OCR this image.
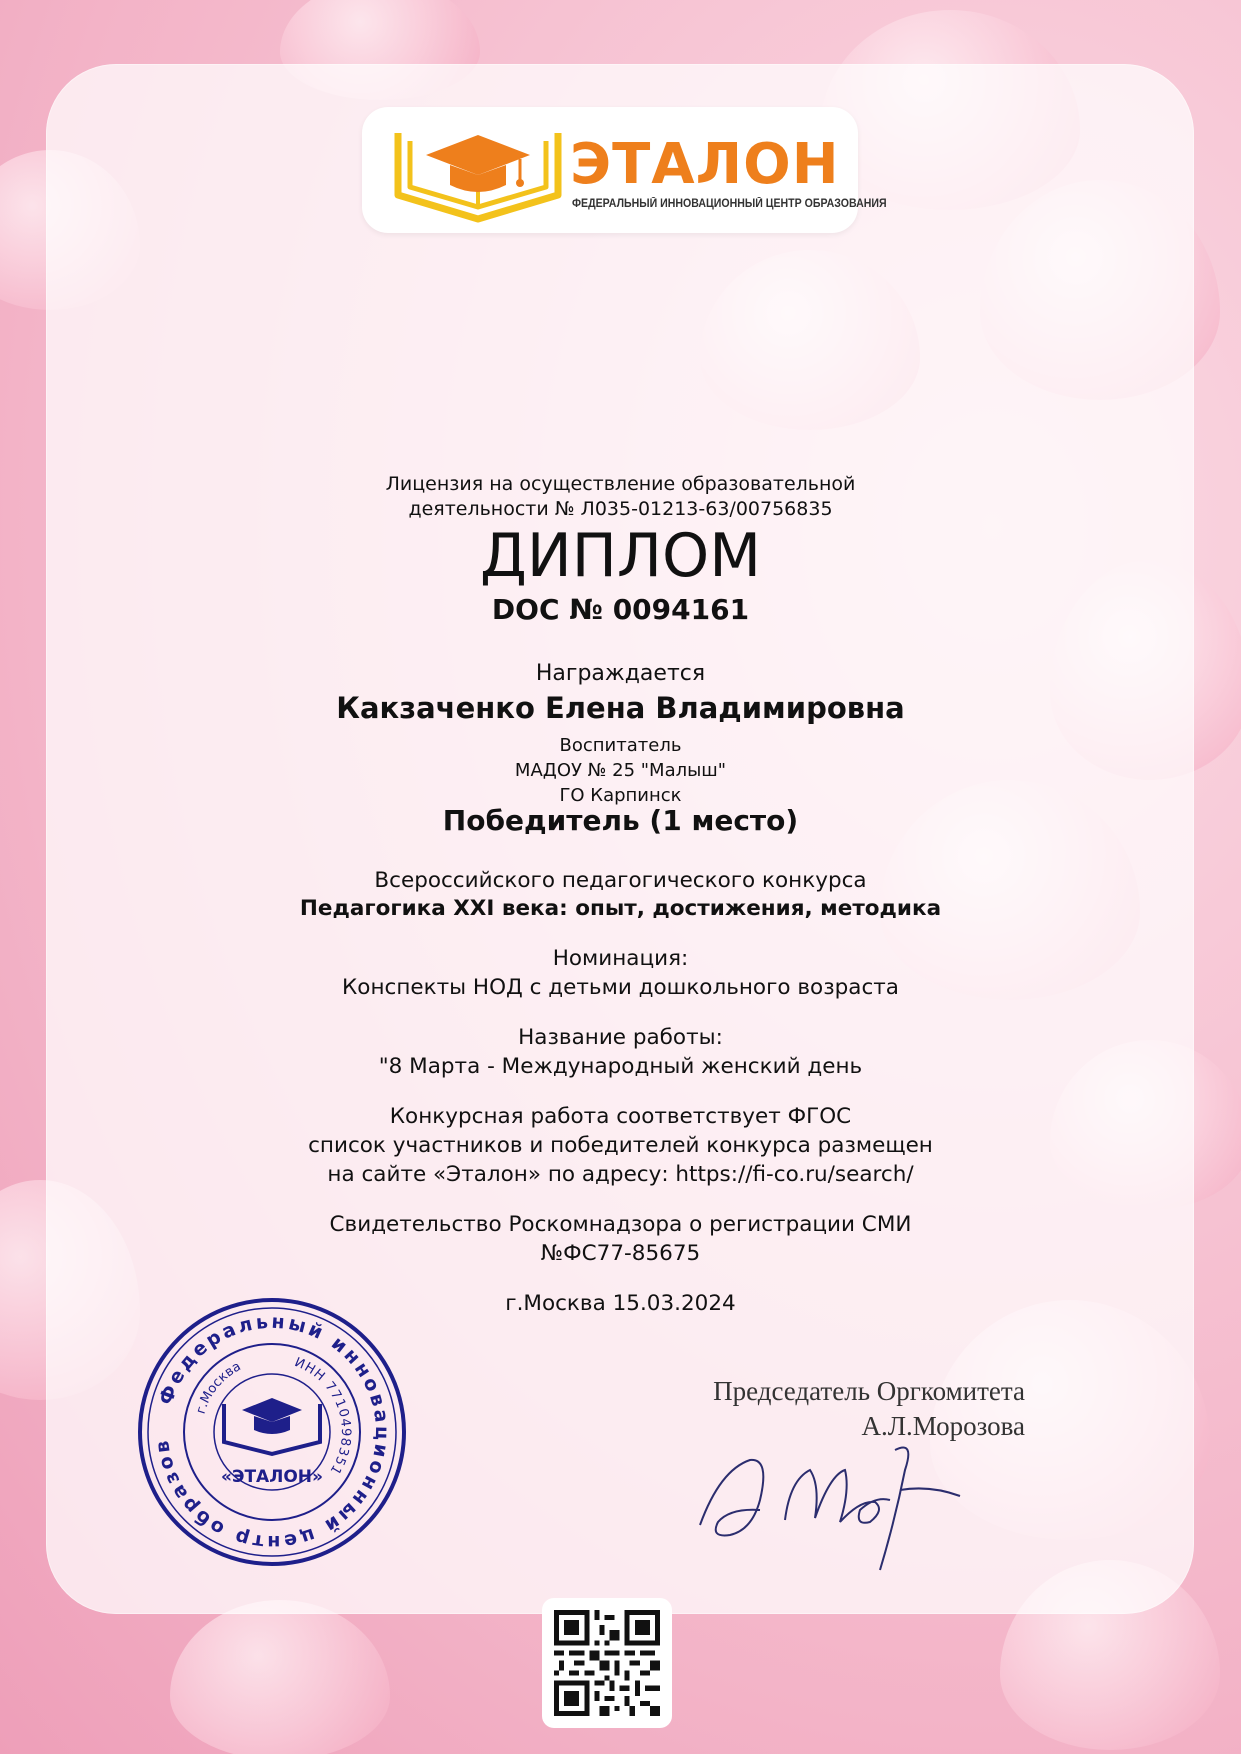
ЭТАЛОН
ФЕДЕРАЛЬНЫЙ ИННОВАЦИОННЫЙ ЦЕНТР ОБРАЗОВАНИЯ
Лицензия на осуществление образовательной
деятельности № Л035-01213-63/00756835
ДИПЛОМ
DOC № 0094161
Награждается
Какзаченко Елена Владимировна
Воспитатель
МАДОУ № 25 "Малыш"
ГО Карпинск
Победитель (1 место)
Всероссийского педагогического конкурса
Педагогика XXI века: опыт, достижения, методика
Номинация:
Конспекты НОД с детьми дошкольного возраста
Название работы:
"8 Марта - Международный женский день
Конкурсная работа соответствует ФГОС
список участников и победителей конкурса размещен
на сайте «Эталон» по адресу: https://fi-co.ru/search/
Свидетельство Роскомнадзора о регистрации СМИ
№ФС77-85675
г.Москва 15.03.2024
Федеральный инновационный центр образов
ИНН 7710498351
г.Москва
«ЭТАЛОН»
Председатель Оргкомитета
А.Л.Морозова
